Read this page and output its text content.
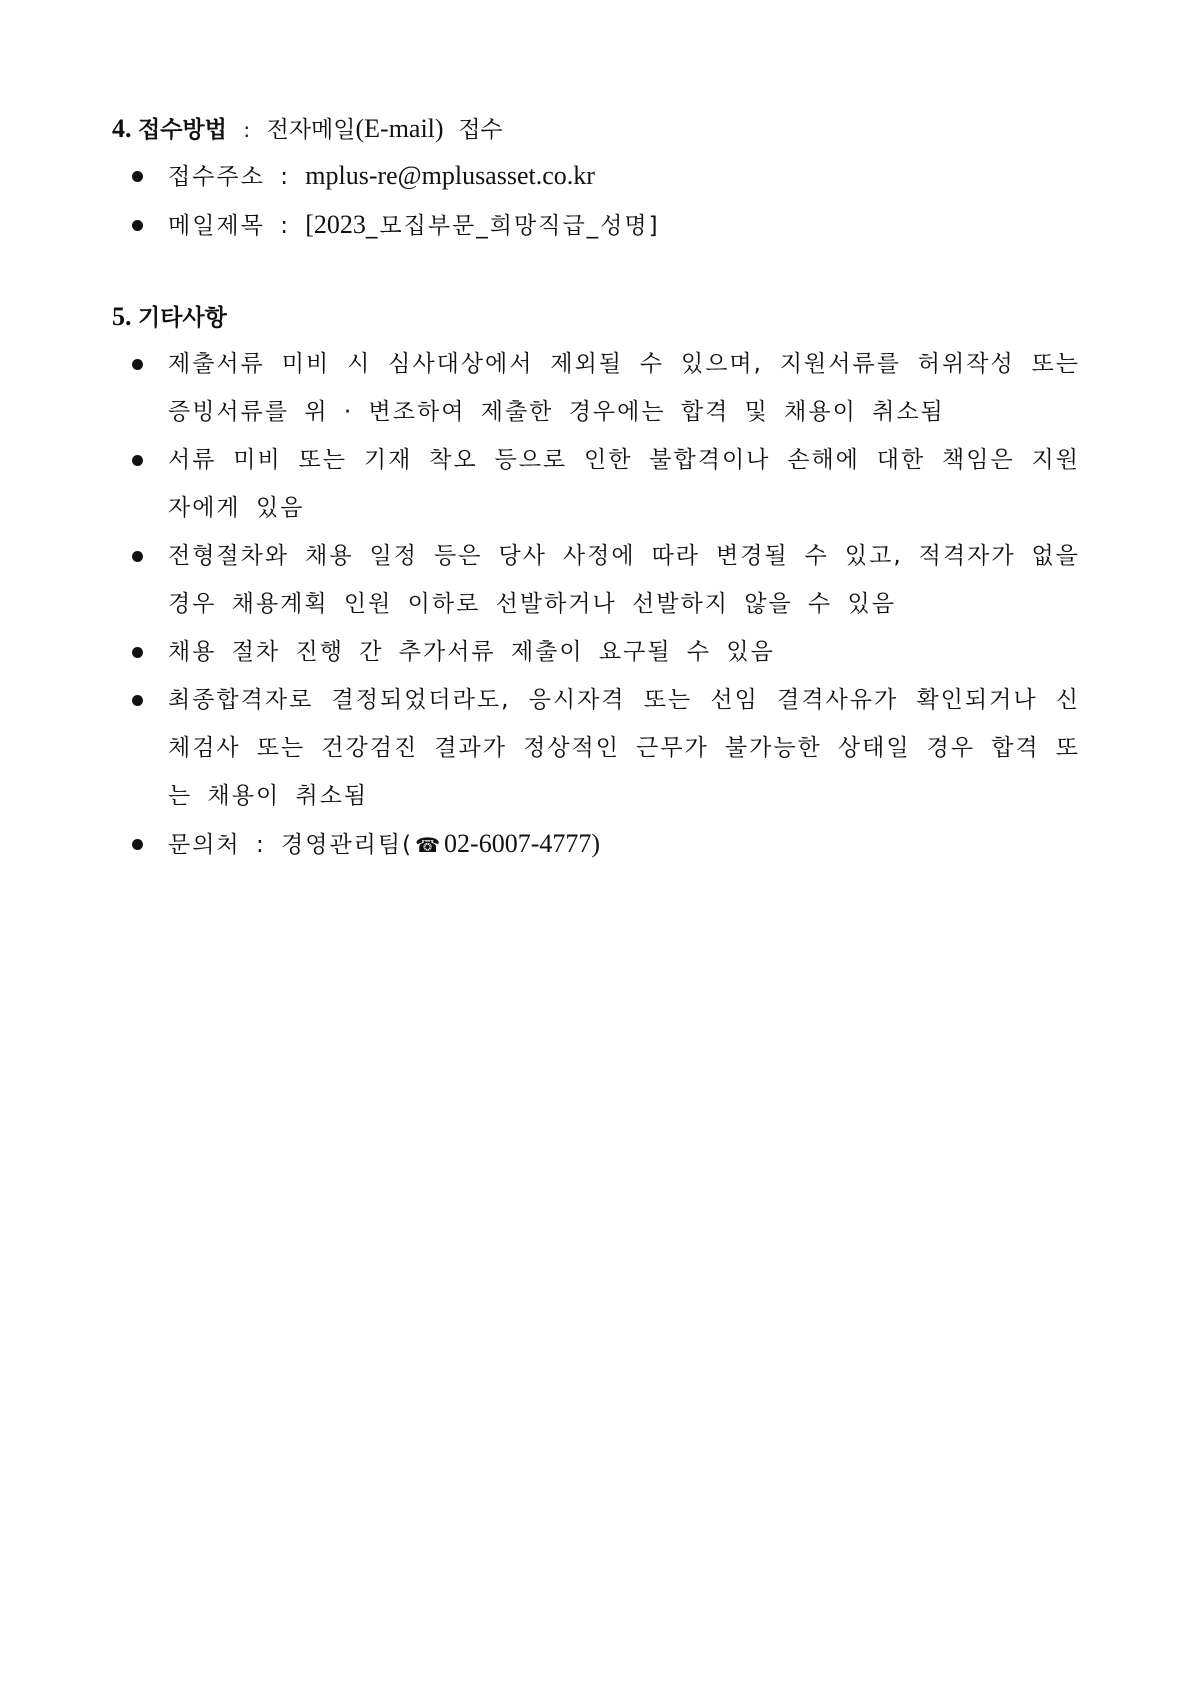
4. 접수방법 : 전자메일(E-mail) 접수
접수주소 : mplus-re@mplusasset.co.kr
메일제목 : [2023_모집부문_희망직급_성명]
5. 기타사항
제출서류 미비 시 심사대상에서 제외될 수 있으며, 지원서류를 허위작성 또는 증빙서류를 위 · 변조하여 제출한 경우에는 합격 및 채용이 취소됨
서류 미비 또는 기재 착오 등으로 인한 불합격이나 손해에 대한 책임은 지원자에게 있음
전형절차와 채용 일정 등은 당사 사정에 따라 변경될 수 있고, 적격자가 없을 경우 채용계획 인원 이하로 선발하거나 선발하지 않을 수 있음
채용 절차 진행 간 추가서류 제출이 요구될 수 있음
최종합격자로 결정되었더라도, 응시자격 또는 선임 결격사유가 확인되거나 신체검사 또는 건강검진 결과가 정상적인 근무가 불가능한 상태일 경우 합격 또는 채용이 취소됨
문의처 : 경영관리팀( ☎ 02-6007-4777)
